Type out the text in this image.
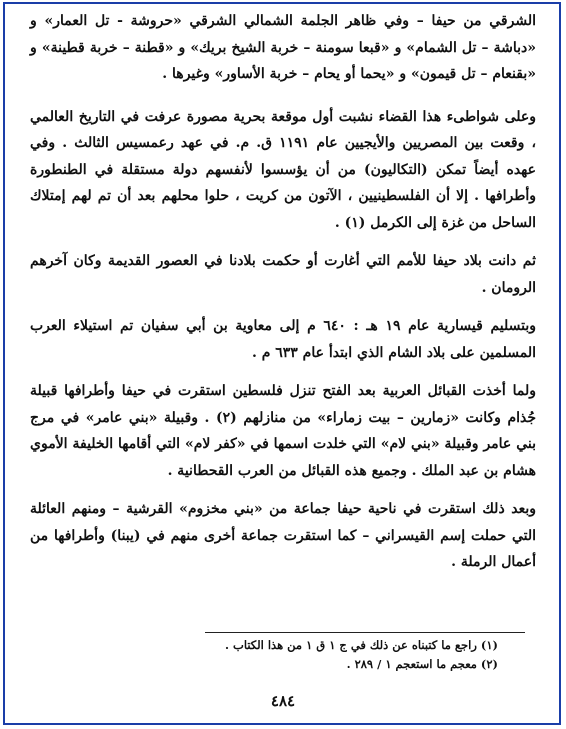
الشرقي من حيفا – وفي ظاهر الجلمة الشمالي الشرقي «حروشة - تل العمار» و «دباشة – تل الشمام» و «قبعا سومنة – خربة الشيخ بريك» و «قطنة – خربة قطينة» و «بقنعام – تل قيمون» و «يحما أو يحام – خربة الأساور» وغيرها .

وعلى شواطىء هذا القضاء نشبت أول موقعة بحرية مصورة عرفت في التاريخ العالمي ، وقعت بين المصريين والأيجيين عام ١١٩١ ق. م. في عهد رعمسيس الثالث . وفي عهده أيضاً تمكن (التكاليون) من أن يؤسسوا لأنفسهم دولة مستقلة في الطنطورة وأطرافها . إلا أن الفلسطينيين ، الآتون من كريت ، حلوا محلهم بعد أن تم لهم إمتلاك الساحل من غزة إلى الكرمل (١) .

ثم دانت بلاد حيفا للأمم التي أغارت أو حكمت بلادنا في العصور القديمة وكان آخرهم الرومان .

وبتسليم قيسارية عام ١٩ هـ : ٦٤٠ م إلى معاوية بن أبي سفيان تم استيلاء العرب المسلمين على بلاد الشام الذي ابتدأ عام ٦٣٣ م .

ولما أخذت القبائل العربية بعد الفتح تنزل فلسطين استقرت في حيفا وأطرافها قبيلة جُذام وكانت «زمارين – بيت زماراء» من منازلهم (٢) . وقبيلة «بني عامر» في مرج بني عامر وقبيلة «بني لام» التي خلدت اسمها في «كفر لام» التي أقامها الخليفة الأموي هشام بن عبد الملك . وجميع هذه القبائل من العرب القحطانية .

وبعد ذلك استقرت في ناحية حيفا جماعة من «بني مخزوم» القرشية – ومنهم العائلة التي حملت إسم القيسراني – كما استقرت جماعة أخرى منهم في (يبنا) وأطرافها من أعمال الرملة .

(١) راجع ما كتبناه عن ذلك في ج ١ ق ١ من هذا الكتاب .

(٢) معجم ما استعجم ١ / ٢٨٩ .

٤٨٤
